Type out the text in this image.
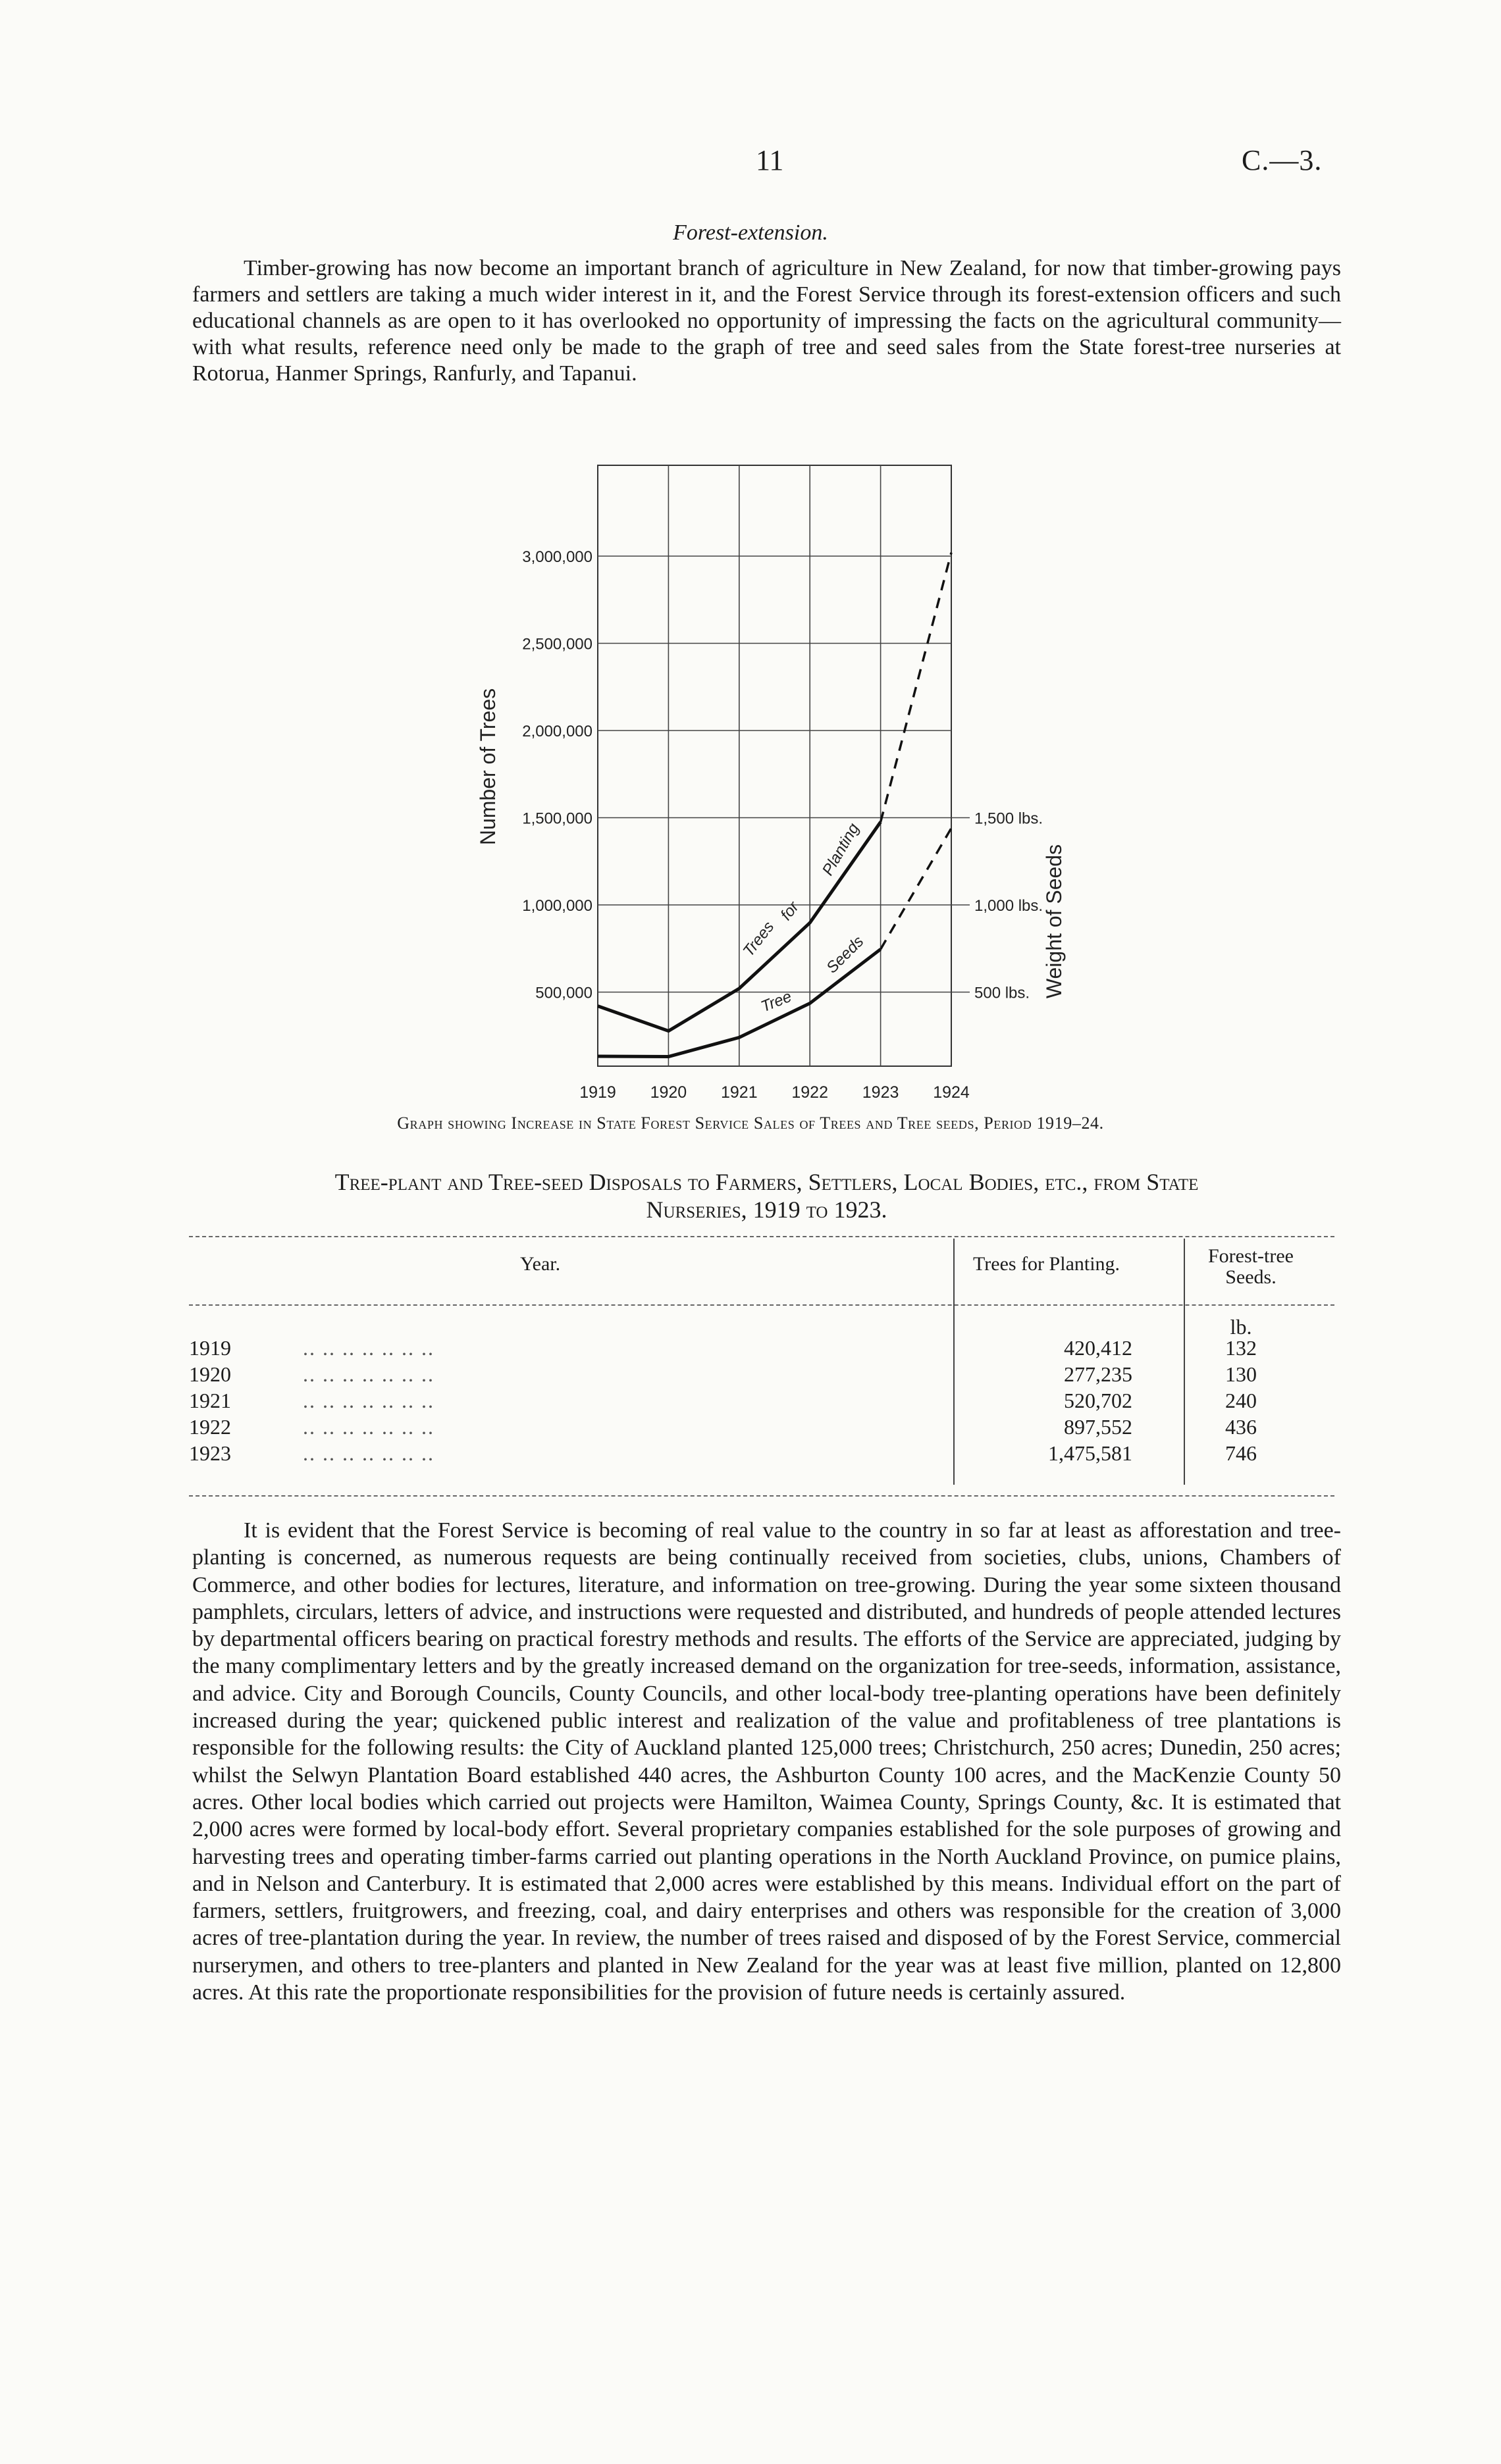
11	C.—3.
Forest-extension.
Timber-growing has now become an important branch of agriculture in New Zealand, for now that timber-growing pays farmers and settlers are taking a much wider interest in it, and the Forest Service through its forest-extension officers and such educational channels as are open to it has overlooked no opportunity of impressing the facts on the agricultural community—with what results, reference need only be made to the graph of tree and seed sales from the State forest-tree nurseries at Rotorua, Hanmer Springs, Ranfurly, and Tapanui.
3,000,000
2,500,000
2,000,000
1,500,000
1,000,000
500,000
1,500 lbs.
1,000 lbs.
500 lbs.
1919 1920 1921 1922 1923 1924
Number of Trees
Weight of Seeds
Trees
for
Planting
Tree
Seeds
Graph showing Increase in State Forest Service Sales of Trees and Tree seeds, Period 1919–24.
Tree-plant and Tree-seed Disposals to Farmers, Settlers, Local Bodies, etc., from State
Nurseries, 1919 to 1923.
Year.	Trees for Planting.	Forest-tree
Seeds.
lb.
1919	.. .. .. .. .. .. ..	420,412	132
1920	.. .. .. .. .. .. ..	277,235	130
1921	.. .. .. .. .. .. ..	520,702	240
1922	.. .. .. .. .. .. ..	897,552	436
1923	.. .. .. .. .. .. ..	1,475,581	746
It is evident that the Forest Service is becoming of real value to the country in so far at least as afforestation and tree-planting is concerned, as numerous requests are being continually received from societies, clubs, unions, Chambers of Commerce, and other bodies for lectures, literature, and information on tree-growing. During the year some sixteen thousand pamphlets, circulars, letters of advice, and instructions were requested and distributed, and hundreds of people attended lectures by departmental officers bearing on practical forestry methods and results. The efforts of the Service are appreciated, judging by the many complimentary letters and by the greatly increased demand on the organization for tree-seeds, information, assistance, and advice. City and Borough Councils, County Councils, and other local-body tree-planting operations have been definitely increased during the year; quickened public interest and realization of the value and profitableness of tree plantations is responsible for the following results: the City of Auckland planted 125,000 trees; Christchurch, 250 acres; Dunedin, 250 acres; whilst the Selwyn Plantation Board established 440 acres, the Ashburton County 100 acres, and the MacKenzie County 50 acres. Other local bodies which carried out projects were Hamilton, Waimea County, Springs County, &c. It is estimated that 2,000 acres were formed by local-body effort. Several proprietary companies established for the sole purposes of growing and harvesting trees and operating timber-farms carried out planting operations in the North Auckland Province, on pumice plains, and in Nelson and Canterbury. It is estimated that 2,000 acres were established by this means. Individual effort on the part of farmers, settlers, fruitgrowers, and freezing, coal, and dairy enterprises and others was responsible for the creation of 3,000 acres of tree-plantation during the year. In review, the number of trees raised and disposed of by the Forest Service, commercial nurserymen, and others to tree-planters and planted in New Zealand for the year was at least five million, planted on 12,800 acres. At this rate the proportionate responsibilities for the provision of future needs is certainly assured.
